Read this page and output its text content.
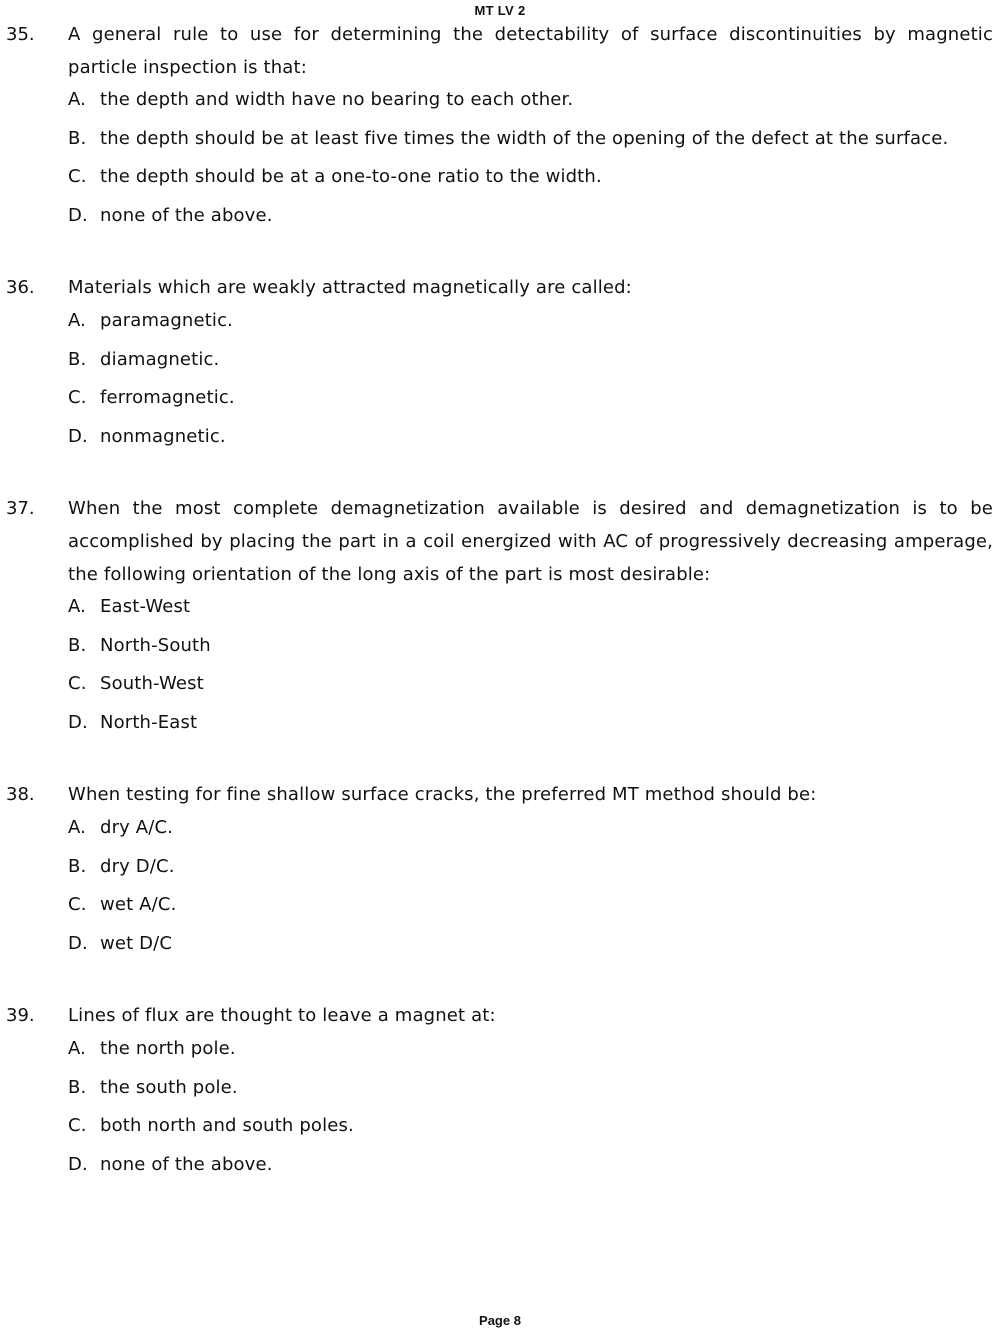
MT LV 2
35. A general rule to use for determining the detectability of surface discontinuities by magnetic particle inspection is that:
A. the depth and width have no bearing to each other.
B. the depth should be at least five times the width of the opening of the defect at the surface.
C. the depth should be at a one-to-one ratio to the width.
D. none of the above.
36. Materials which are weakly attracted magnetically are called:
A. paramagnetic.
B. diamagnetic.
C. ferromagnetic.
D. nonmagnetic.
37. When the most complete demagnetization available is desired and demagnetization is to be accomplished by placing the part in a coil energized with AC of progressively decreasing amperage, the following orientation of the long axis of the part is most desirable:
A. East-West
B. North-South
C. South-West
D. North-East
38. When testing for fine shallow surface cracks, the preferred MT method should be:
A. dry A/C.
B. dry D/C.
C. wet A/C.
D. wet D/C
39. Lines of flux are thought to leave a magnet at:
A. the north pole.
B. the south pole.
C. both north and south poles.
D. none of the above.
Page 8
